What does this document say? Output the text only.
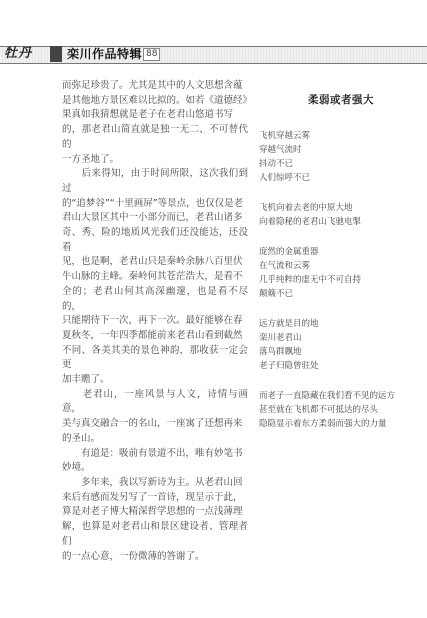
牡丹	栾川作品特辑 88

而弥足珍贵了。尤其是其中的人文思想含蕴

是其他地方景区难以比拟的。如若《道德经》

果真如我猜想就是老子在老君山悠道书写

的，那老君山简直就是独一无二、不可替代的

一方圣地了。

　　后来得知，由于时间所限，这次我们到过

的“追梦谷”“十里画屏”等景点，也仅仅是老

君山大景区其中一小部分而已，老君山诸多

奇、秀、险的地质风光我们还没能达，还没看

见，也是啊，老君山只是秦岭余脉八百里伏

牛山脉的主峰。秦岭何其苍茫浩大，是看不

全的；老君山何其高深幽邃，也是看不尽的，

只能期待下一次，再下一次。最好能够在春

夏秋冬，一年四季都能前来老君山看到截然

不同、各美其美的景色神韵，那收获一定会更

加丰赡了。

　　老君山，一座风景与人文，诗情与画意，

美与真交融合一的名山，一座寓了还想再来

的圣山。

　　有道是：吸前有景道不出，唯有妙笔书

妙境。

　　多年来，我以写新诗为主。从老君山回

来后有感而发另写了一首诗，现呈示于此，

算是对老子博大精深哲学思想的一点浅薄理

解，也算是对老君山和景区建设者、管理者们

的一点心意，一份微薄的答谢了。

柔弱或者强大
飞机穿越云雾
穿越气流时
抖动不已
人们惊呼不已
飞机向着去老的中原大地
向着隐秘的老君山飞驰电掣
庞然的金属重器
在气流和云雾
几乎纯粹的虚无中不可自持
颠簸不已
远方就是目的地
栾川老君山
落鸟群飘地
老子归隐曾驻处
而老子一直隐藏在我们看不见的远方
甚至就在飞机都不可抵达的尽头
隐隐显示着东方柔弱而强大的力量
